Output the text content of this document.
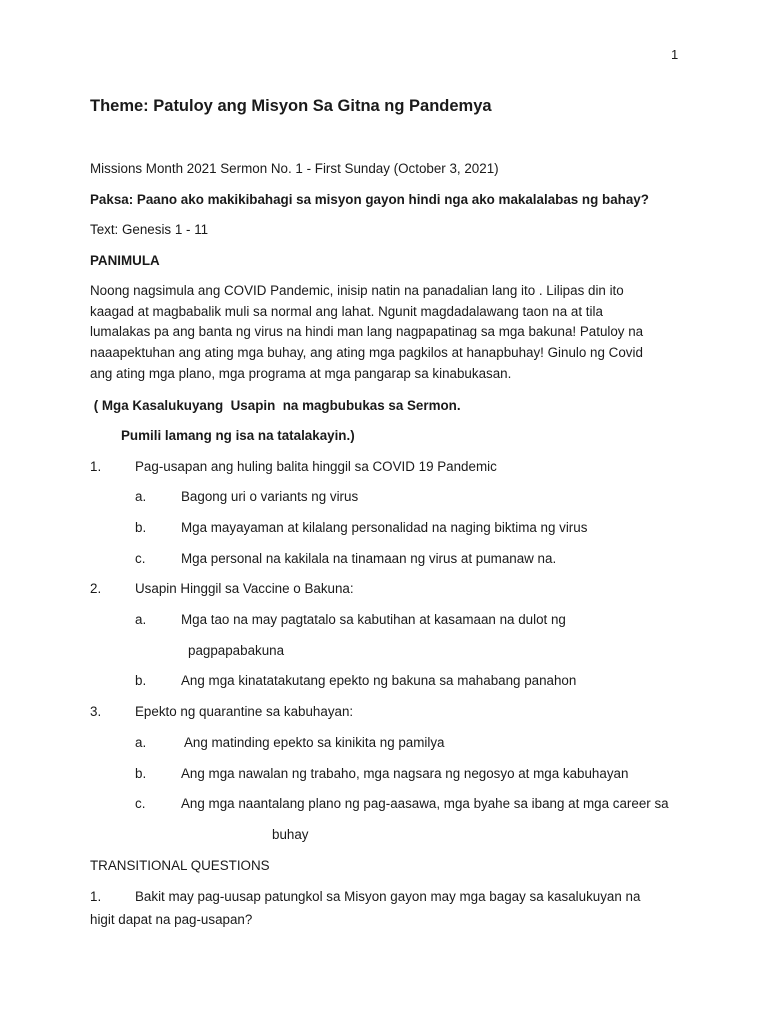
1
Theme: Patuloy ang Misyon Sa Gitna ng Pandemya
Missions Month 2021 Sermon No. 1 - First Sunday (October 3, 2021)
Paksa: Paano ako makikibahagi sa misyon gayon hindi nga ako makalalabas ng bahay?
Text: Genesis 1 - 11
PANIMULA
Noong nagsimula ang COVID Pandemic, inisip natin na panadalian lang ito . Lilipas din ito
kaagad at magbabalik muli sa normal ang lahat. Ngunit magdadalawang taon na at tila
lumalakas pa ang banta ng virus na hindi man lang nagpapatinag sa mga bakuna! Patuloy na
naaapektuhan ang ating mga buhay, ang ating mga pagkilos at hanapbuhay! Ginulo ng Covid
ang ating mga plano, mga programa at mga pangarap sa kinabukasan.
( Mga Kasalukuyang  Usapin  na magbubukas sa Sermon.
Pumili lamang ng isa na tatalakayin.)
1.	Pag-usapan ang huling balita hinggil sa COVID 19 Pandemic
a.	Bagong uri o variants ng virus
b.	Mga mayayaman at kilalang personalidad na naging biktima ng virus
c.	Mga personal na kakilala na tinamaan ng virus at pumanaw na.
2.	Usapin Hinggil sa Vaccine o Bakuna:
a.	Mga tao na may pagtatalo sa kabutihan at kasamaan na dulot ng
pagpapabakuna
b.	Ang mga kinatatakutang epekto ng bakuna sa mahabang panahon
3.	Epekto ng quarantine sa kabuhayan:
a.	Ang matinding epekto sa kinikita ng pamilya
b.	Ang mga nawalan ng trabaho, mga nagsara ng negosyo at mga kabuhayan
c.	Ang mga naantalang plano ng pag-aasawa, mga byahe sa ibang at mga career sa
buhay
TRANSITIONAL QUESTIONS
1.	Bakit may pag-uusap patungkol sa Misyon gayon may mga bagay sa kasalukuyan na
higit dapat na pag-usapan?
